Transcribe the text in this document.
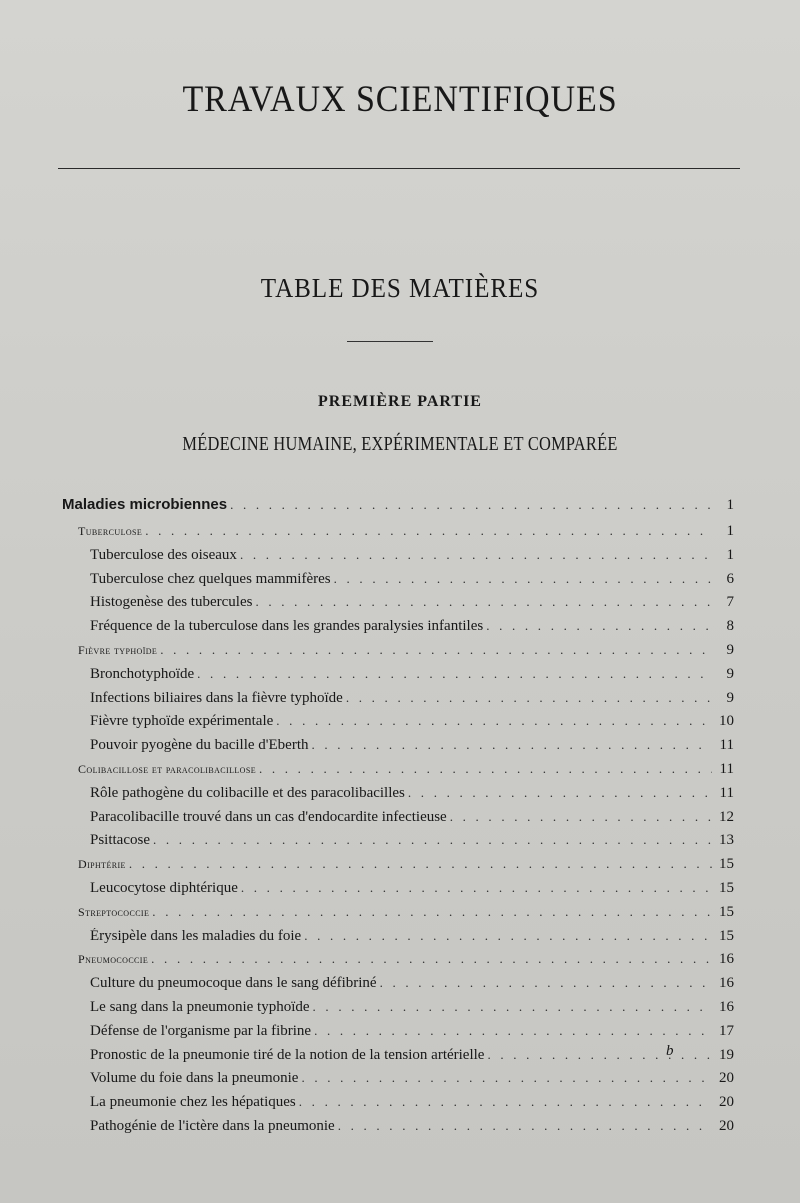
TRAVAUX SCIENTIFIQUES
TABLE DES MATIÈRES
PREMIÈRE PARTIE
MÉDECINE HUMAINE, EXPÉRIMENTALE ET COMPARÉE
Maladies microbiennes . . .	1
Tuberculose . . .	1
Tuberculose des oiseaux . . .	1
Tuberculose chez quelques mammifères . . .	6
Histogenèse des tubercules . . .	7
Fréquence de la tuberculose dans les grandes paralysies infantiles . . .	8
Fièvre typhoïde . . .	9
Bronchotyphoïde . . .	9
Infections biliaires dans la fièvre typhoïde . . .	9
Fièvre typhoïde expérimentale . . .	10
Pouvoir pyogène du bacille d'Eberth . . .	11
Colibacillose et paracolibacillose . . .	11
Rôle pathogène du colibacille et des paracolibacilles . . .	11
Paracolibacille trouvé dans un cas d'endocardite infectieuse . . .	12
Psittacose . . .	13
Diphtérie . . .	15
Leucocytose diphtérique . . .	15
Streptococcie . . .	15
Érysipèle dans les maladies du foie . . .	15
Pneumococcie . . .	16
Culture du pneumocoque dans le sang défibriné . . .	16
Le sang dans la pneumonie typhoïde . . .	16
Défense de l'organisme par la fibrine . . .	17
Pronostic de la pneumonie tiré de la notion de la tension artérielle . . .	19
Volume du foie dans la pneumonie . . .	20
La pneumonie chez les hépatiques . . .	20
Pathogénie de l'ictère dans la pneumonie . . .	20
b
